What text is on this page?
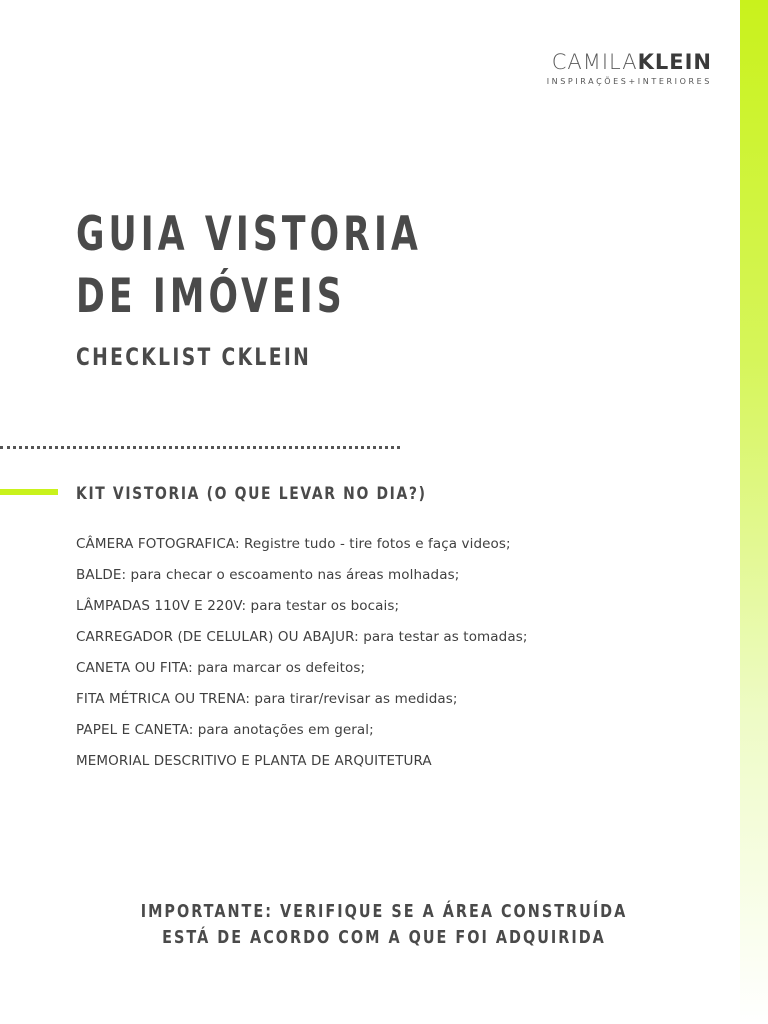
CAMILAKLEIN
INSPIRAÇÕES+INTERIORES
GUIA VISTORIA
DE IMÓVEIS
CHECKLIST CKLEIN
KIT VISTORIA (O QUE LEVAR NO DIA?)
CÂMERA FOTOGRAFICA: Registre tudo - tire fotos e faça videos;
BALDE: para checar o escoamento nas áreas molhadas;
LÂMPADAS 110V E 220V: para testar os bocais;
CARREGADOR (DE CELULAR) OU ABAJUR: para testar as tomadas;
CANETA OU FITA: para marcar os defeitos;
FITA MÉTRICA OU TRENA: para tirar/revisar as medidas;
PAPEL E CANETA: para anotações em geral;
MEMORIAL DESCRITIVO E PLANTA DE ARQUITETURA
IMPORTANTE: VERIFIQUE SE A ÁREA CONSTRUÍDA
ESTÁ DE ACORDO COM A QUE FOI ADQUIRIDA
